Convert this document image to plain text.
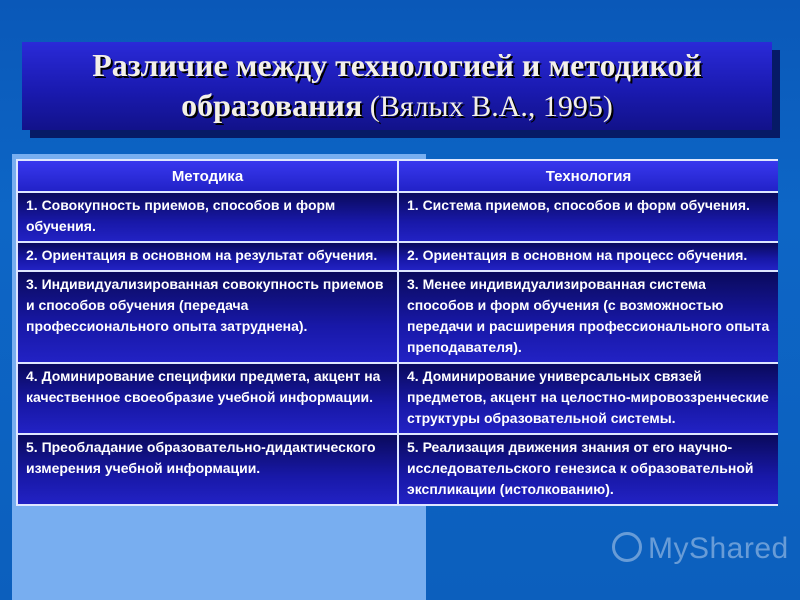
Различие между технологией и методикой
образования (Вялых В.А., 1995)
Методика	Технология
1. Совокупность приемов, способов и форм обучения.	1. Система приемов, способов и форм обучения.
2. Ориентация в основном на результат обучения.	2. Ориентация в основном на процесс обучения.
3. Индивидуализированная совокупность приемов и способов обучения (передача профессионального опыта затруднена).	3. Менее индивидуализированная система способов и форм обучения (с возможностью передачи и расширения профессионального опыта преподавателя).
4. Доминирование специфики предмета, акцент на качественное своеобразие учебной информации.	4. Доминирование универсальных связей предметов, акцент на целостно-мировоззренческие структуры образовательной системы.
5. Преобладание образовательно-дидактического измерения учебной информации.	5. Реализация движения знания от его научно-исследовательского генезиса к образовательной экспликации (истолкованию).
MyShared
